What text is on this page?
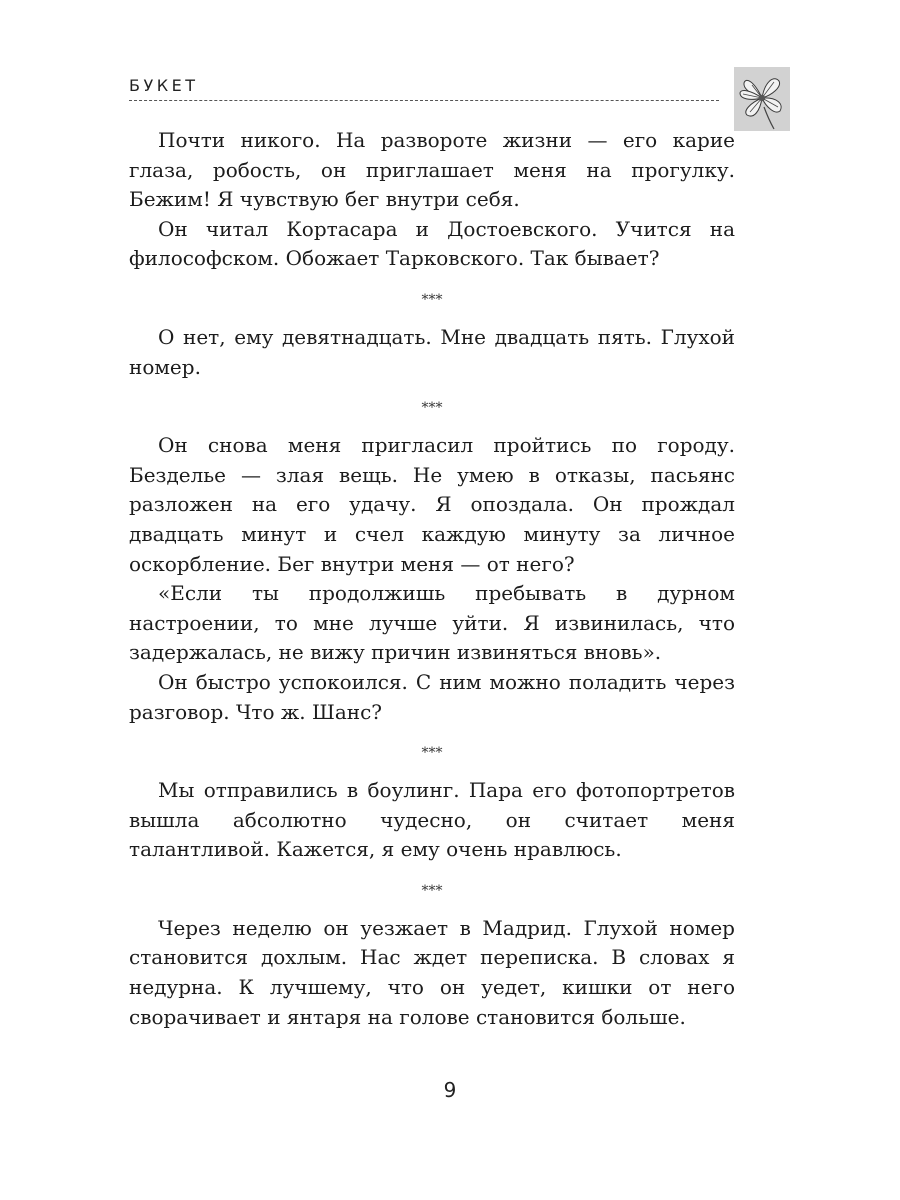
БУКЕТ

Почти никого. На развороте жизни — его карие глаза, робость, он приглашает меня на прогулку. Бежим! Я чувствую бег внутри себя.

Он читал Кортасара и Достоевского. Учится на философском. Обожает Тарковского. Так бывает?

***

О нет, ему девятнадцать. Мне двадцать пять. Глухой номер.

***

Он снова меня пригласил пройтись по городу. Безделье — злая вещь. Не умею в отказы, пасьянс разложен на его удачу. Я опоздала. Он прождал двадцать минут и счел каждую минуту за личное оскорбление. Бег внутри меня — от него?

«Если ты продолжишь пребывать в дурном настроении, то мне лучше уйти. Я извинилась, что задержалась, не вижу причин извиняться вновь».

Он быстро успокоился. С ним можно поладить через разговор. Что ж. Шанс?

***

Мы отправились в боулинг. Пара его фотопортретов вышла абсолютно чудесно, он считает меня талантливой. Кажется, я ему очень нравлюсь.

***

Через неделю он уезжает в Мадрид. Глухой номер становится дохлым. Нас ждет переписка. В словах я недурна. К лучшему, что он уедет, кишки от него сворачивает и янтаря на голове становится больше.

9
